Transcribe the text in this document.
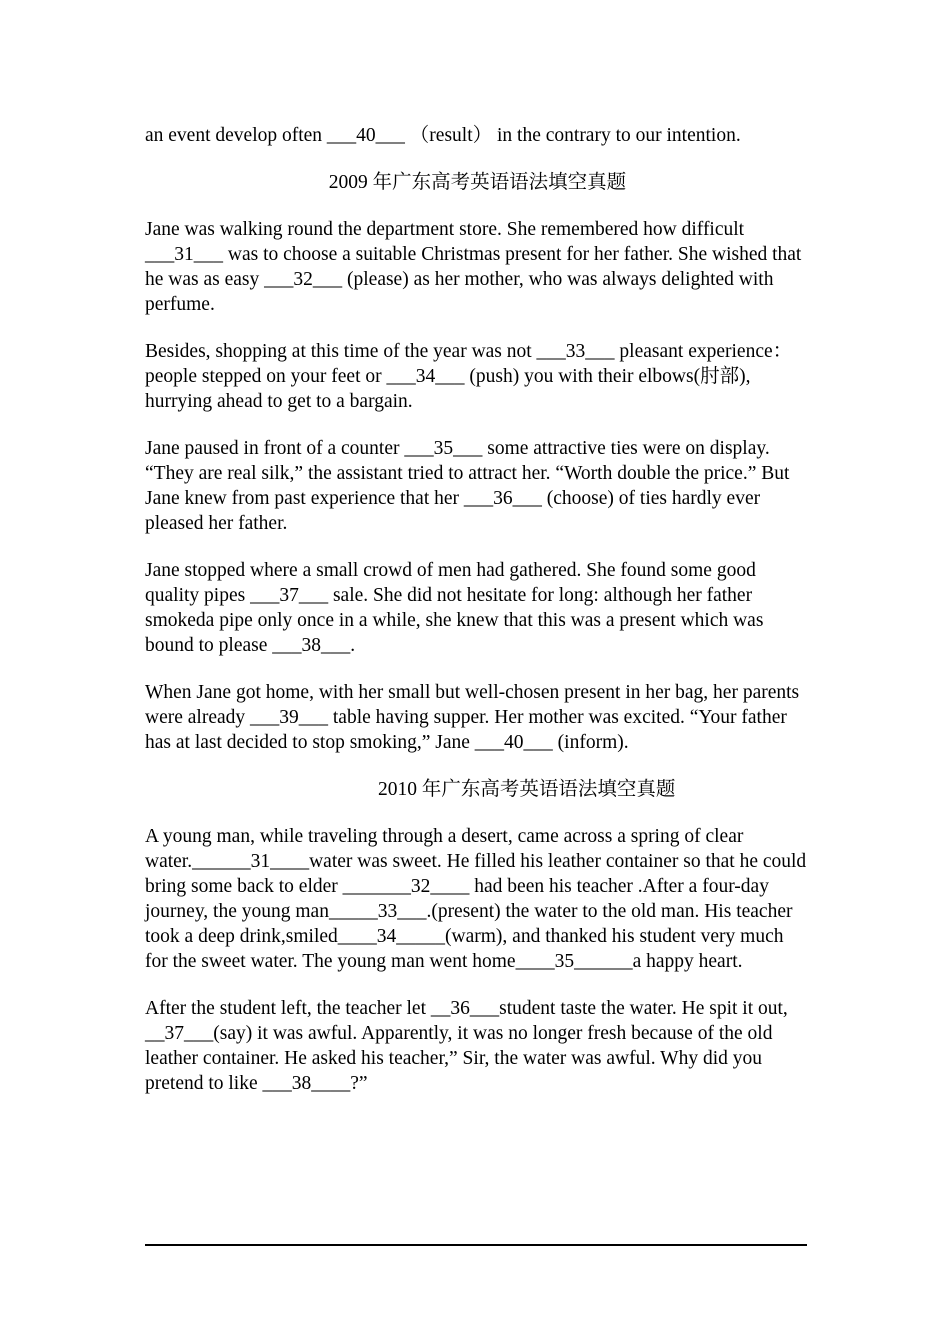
an event develop often ___40___ （result） in the contrary to our intention.

2009 年广东高考英语语法填空真题

Jane was walking round the department store. She remembered how difficult ___31___ was to choose a suitable Christmas present for her father. She wished that he was as easy ___32___ (please) as her mother, who was always delighted with perfume.

Besides, shopping at this time of the year was not ___33___ pleasant experience：people stepped on your feet or ___34___ (push) you with their elbows(肘部), hurrying ahead to get to a bargain.

Jane paused in front of a counter ___35___ some attractive ties were on display. “They are real silk,” the assistant tried to attract her. “Worth double the price.” But Jane knew from past experience that her ___36___ (choose) of ties hardly ever pleased her father.

Jane stopped where a small crowd of men had gathered. She found some good quality pipes ___37___ sale. She did not hesitate for long: although her father smokeda pipe only once in a while, she knew that this was a present which was bound to please ___38___.

When Jane got home, with her small but well-chosen present in her bag, her parents were already ___39___ table having supper. Her mother was excited. “Your father has at last decided to stop smoking,” Jane ___40___ (inform).

2010 年广东高考英语语法填空真题

A young man, while traveling through a desert, came across a spring of clear water.______31____water was sweet. He filled his leather container so that he could bring some back to elder _______32____ had been his teacher .After a four-day journey, the young man_____33___.(present) the water to the old man. His teacher took a deep drink,smiled____34_____(warm), and thanked his student very much for the sweet water. The young man went home____35______a happy heart.

After the student left, the teacher let __36___student taste the water. He spit it out, __37___(say) it was awful. Apparently, it was no longer fresh because of the old leather container. He asked his teacher,” Sir, the water was awful. Why did you pretend to like ___38____?”
